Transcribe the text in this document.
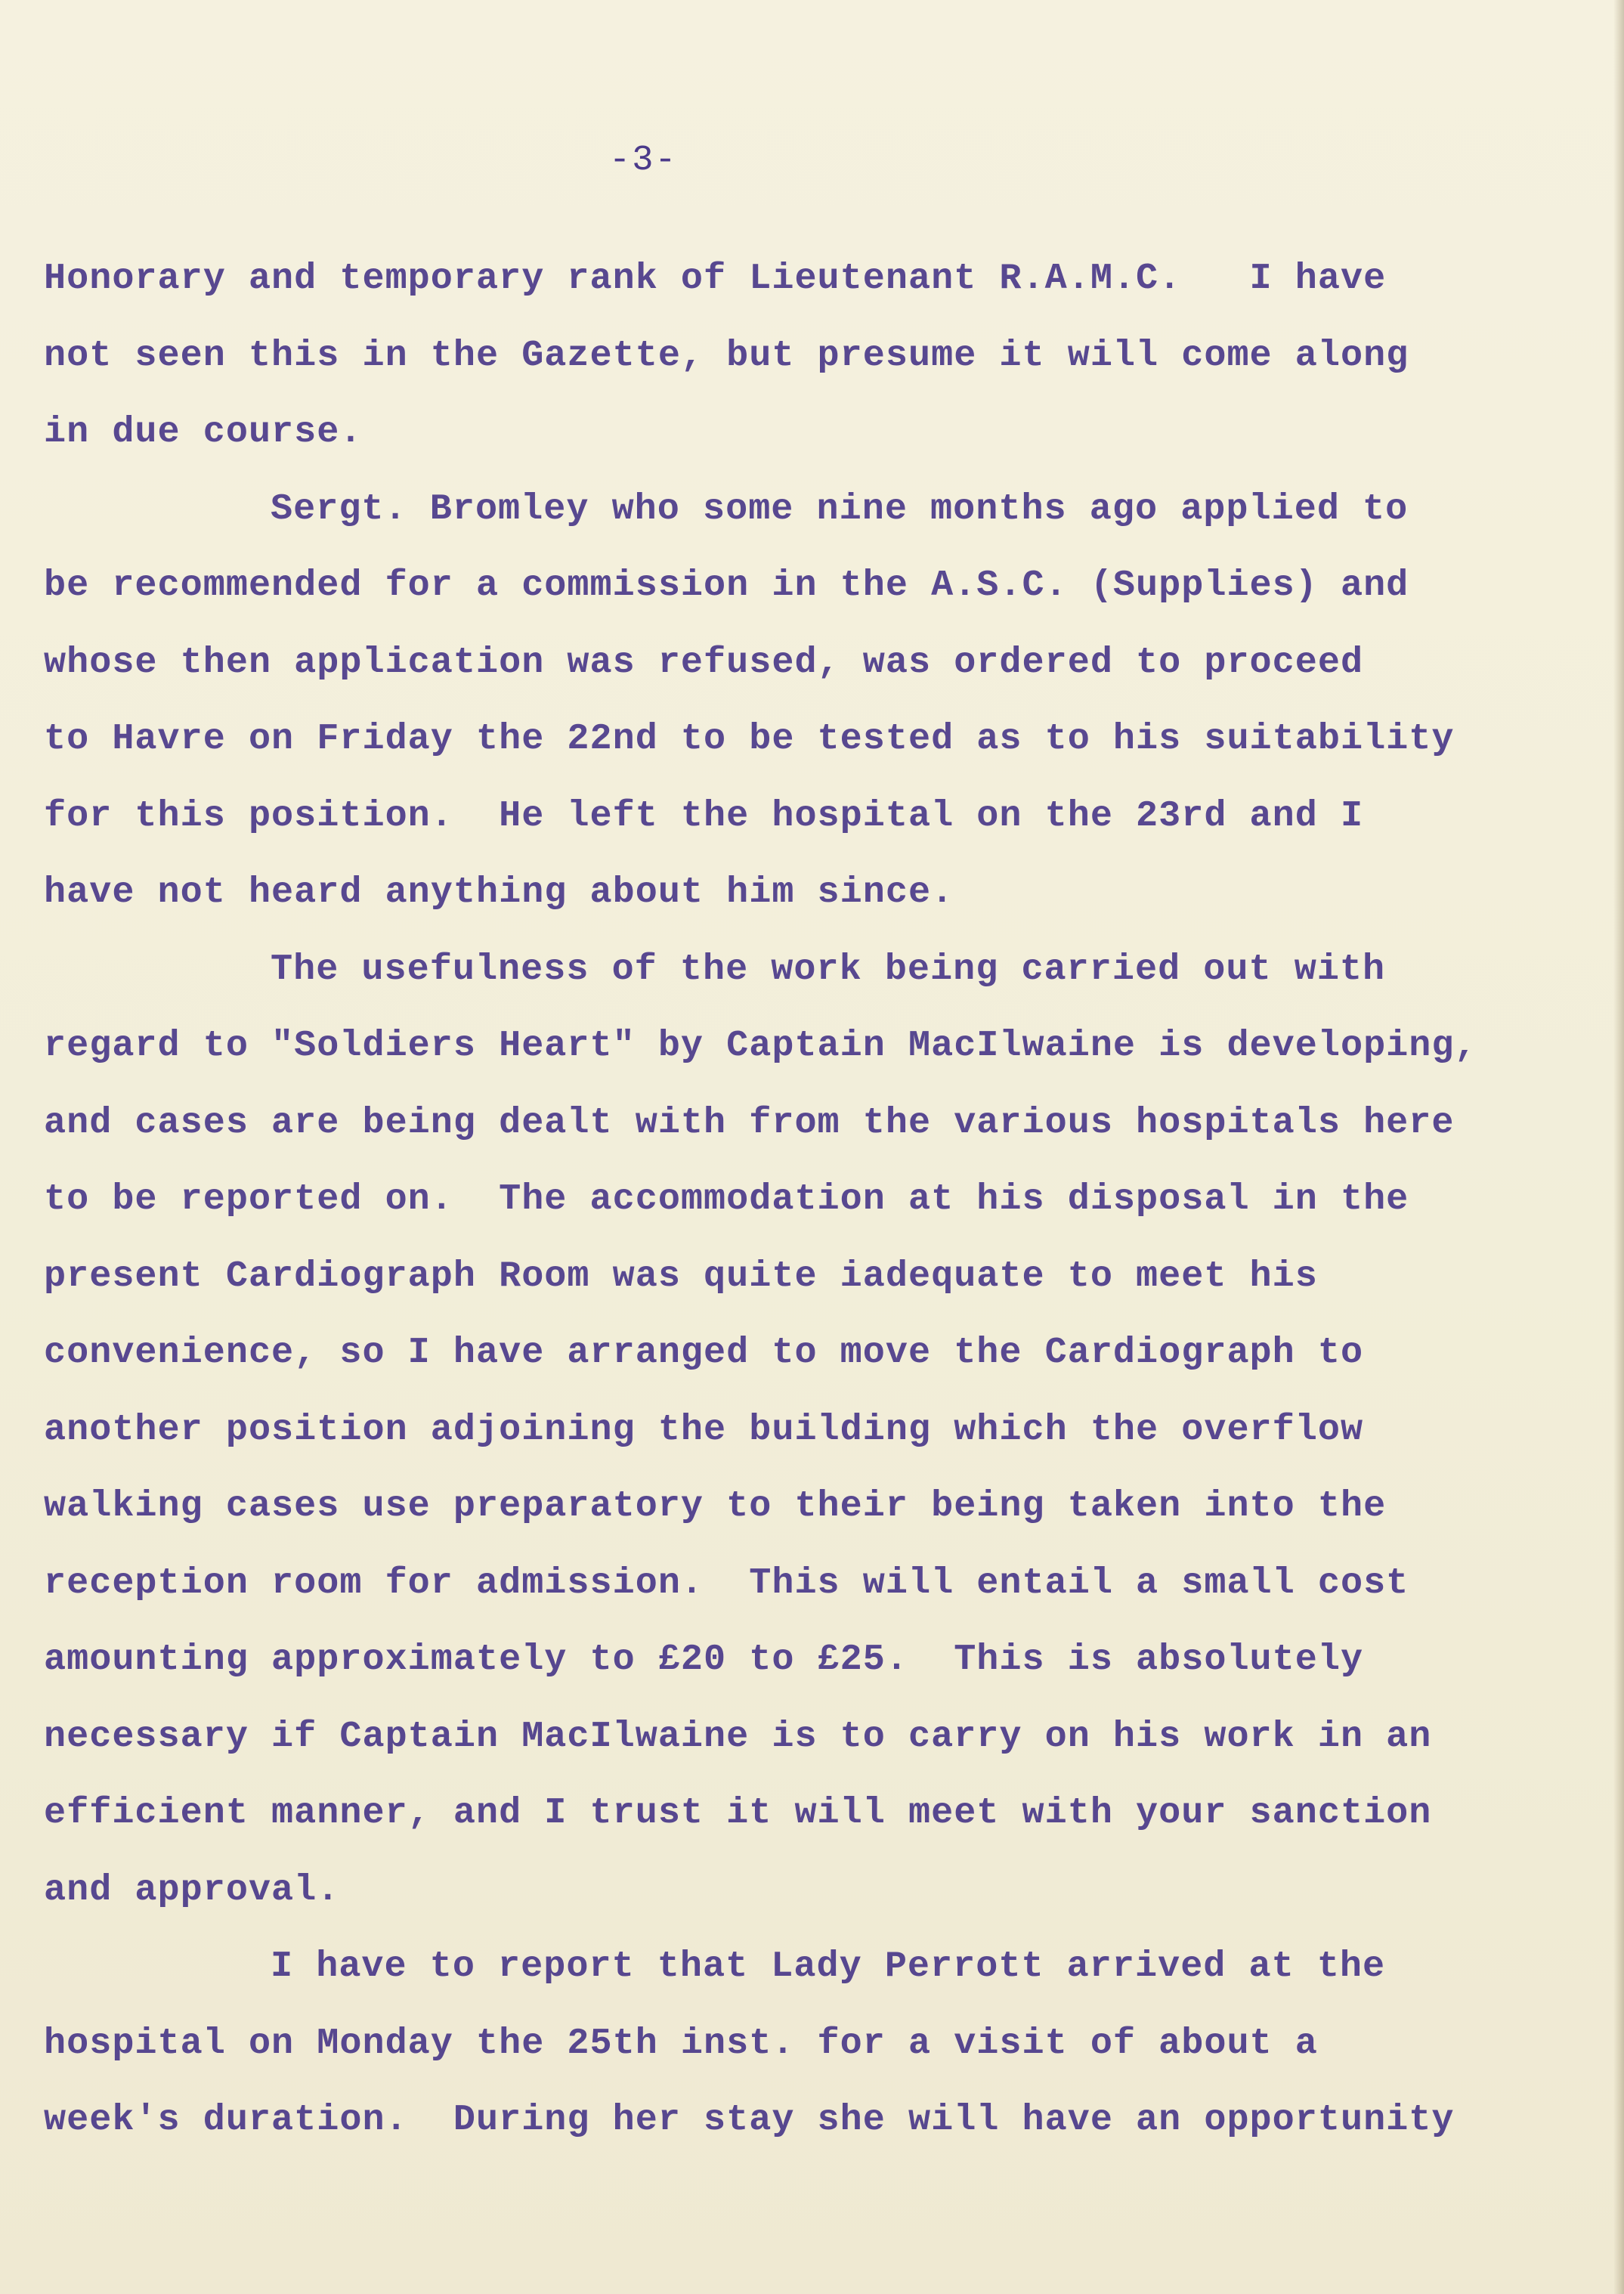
-3-
Honorary and temporary rank of Lieutenant R.A.M.C.   I have
not seen this in the Gazette, but presume it will come along
in due course.
Sergt. Bromley who some nine months ago applied to
be recommended for a commission in the A.S.C. (Supplies) and
whose then application was refused, was ordered to proceed
to Havre on Friday the 22nd to be tested as to his suitability
for this position.  He left the hospital on the 23rd and I
have not heard anything about him since.
The usefulness of the work being carried out with
regard to "Soldiers Heart" by Captain MacIlwaine is developing,
and cases are being dealt with from the various hospitals here
to be reported on.  The accommodation at his disposal in the
present Cardiograph Room was quite iadequate to meet his
convenience, so I have arranged to move the Cardiograph to
another position adjoining the building which the overflow
walking cases use preparatory to their being taken into the
reception room for admission.  This will entail a small cost
amounting approximately to £20 to £25.  This is absolutely
necessary if Captain MacIlwaine is to carry on his work in an
efficient manner, and I trust it will meet with your sanction
and approval.
I have to report that Lady Perrott arrived at the
hospital on Monday the 25th inst. for a visit of about a
week's duration.  During her stay she will have an opportunity
